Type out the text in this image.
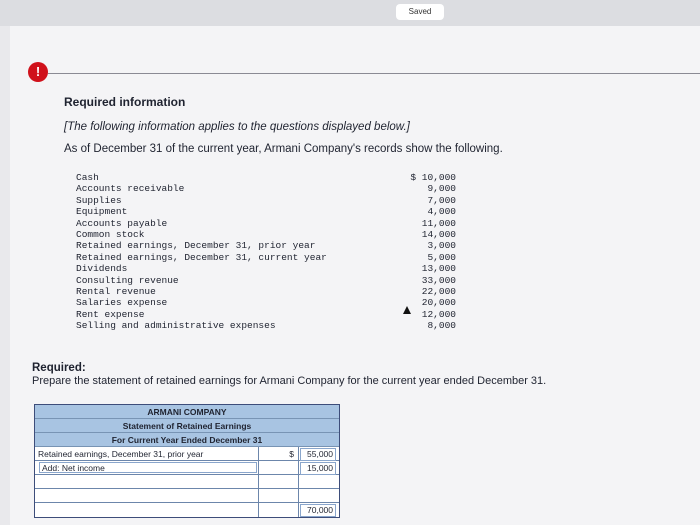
Saved
!
Required information
[The following information applies to the questions displayed below.]
As of December 31 of the current year, Armani Company's records show the following.
Cash	$ 10,000
Accounts receivable	9,000
Supplies	7,000
Equipment	4,000
Accounts payable	11,000
Common stock	14,000
Retained earnings, December 31, prior year	3,000
Retained earnings, December 31, current year	5,000
Dividends	13,000
Consulting revenue	33,000
Rental revenue	22,000
Salaries expense	20,000
Rent expense	12,000
Selling and administrative expenses	8,000
Required:
Prepare the statement of retained earnings for Armani Company for the current year ended December 31.
ARMANI COMPANY
Statement of Retained Earnings
For Current Year Ended December 31
Retained earnings, December 31, prior year	$	55,000
Add: Net income	15,000
70,000
